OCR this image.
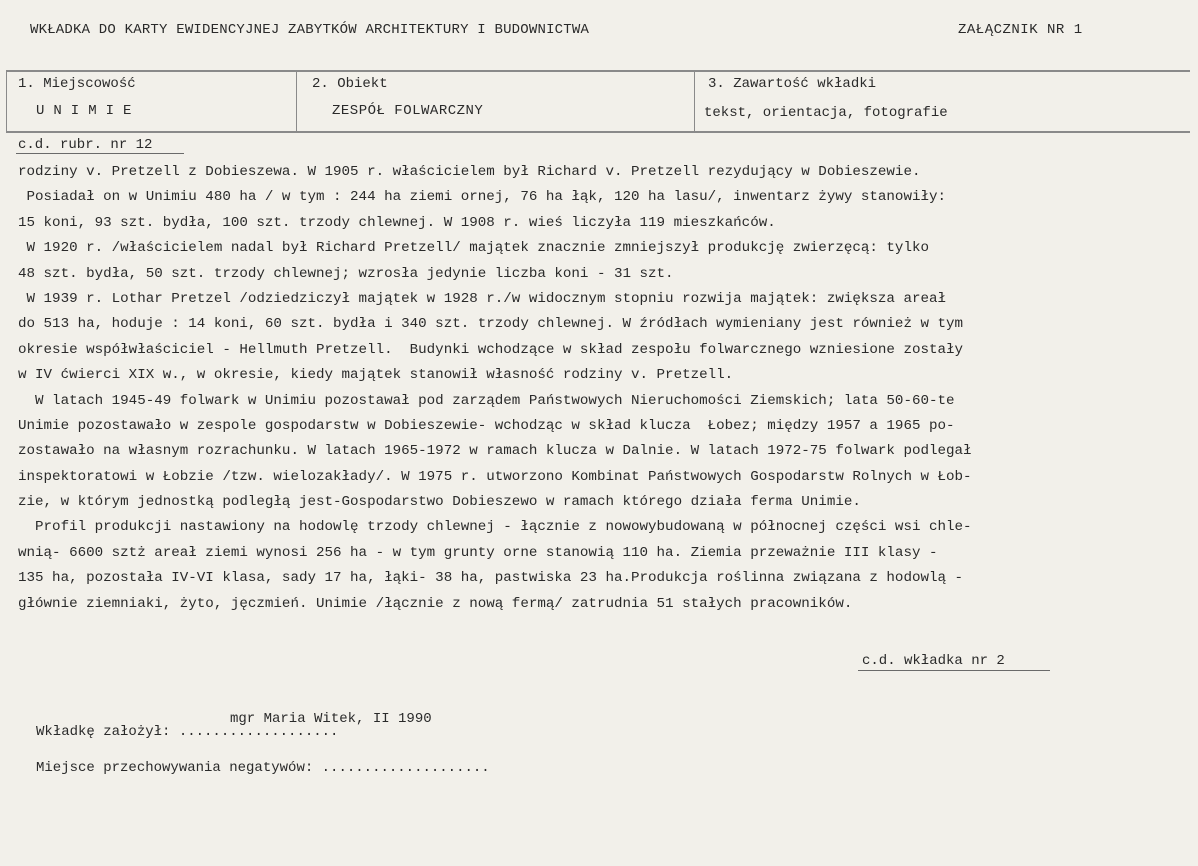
WKŁADKA DO KARTY EWIDENCYJNEJ ZABYTKÓW ARCHITEKTURY I BUDOWNICTWA	ZAŁĄCZNIK NR 1
1. Miejscowość
UNIMIE
2. Obiekt
ZESPÓŁ FOLWARCZNY
3. Zawartość wkładki
tekst, orientacja, fotografie
c.d. rubr. nr 12
rodziny v. Pretzell z Dobieszewa. W 1905 r. właścicielem był Richard v. Pretzell rezydujący w Dobieszewie.
Posiadał on w Unimiu 480 ha / w tym : 244 ha ziemi ornej, 76 ha łąk, 120 ha lasu/, inwentarz żywy stanowiły:
15 koni, 93 szt. bydła, 100 szt. trzody chlewnej. W 1908 r. wieś liczyła 119 mieszkańców.
W 1920 r. /właścicielem nadal był Richard Pretzell/ majątek znacznie zmniejszył produkcję zwierzęcą: tylko
48 szt. bydła, 50 szt. trzody chlewnej; wzrosła jedynie liczba koni - 31 szt.
W 1939 r. Lothar Pretzel /odziedziczył majątek w 1928 r./w widocznym stopniu rozwija majątek: zwiększa areał
do 513 ha, hoduje : 14 koni, 60 szt. bydła i 340 szt. trzody chlewnej. W źródłach wymieniany jest również w tym
okresie współwłaściciel - Hellmuth Pretzell.  Budynki wchodzące w skład zespołu folwarcznego wzniesione zostały
w IV ćwierci XIX w., w okresie, kiedy majątek stanowił własność rodziny v. Pretzell.
W latach 1945-49 folwark w Unimiu pozostawał pod zarządem Państwowych Nieruchomości Ziemskich; lata 50-60-te
Unimie pozostawało w zespole gospodarstw w Dobieszewie- wchodząc w skład klucza  Łobez; między 1957 a 1965 po-
zostawało na własnym rozrachunku. W latach 1965-1972 w ramach klucza w Dalnie. W latach 1972-75 folwark podlegał
inspektoratowi w Łobzie /tzw. wielozakłady/. W 1975 r. utworzono Kombinat Państwowych Gospodarstw Rolnych w Łob-
zie, w którym jednostką podległą jest-Gospodarstwo Dobieszewo w ramach którego działa ferma Unimie.
Profil produkcji nastawiony na hodowlę trzody chlewnej - łącznie z nowowybudowaną w północnej części wsi chle-
wnią- 6600 sztż areał ziemi wynosi 256 ha - w tym grunty orne stanowią 110 ha. Ziemia przeważnie III klasy -
135 ha, pozostała IV-VI klasa, sady 17 ha, łąki- 38 ha, pastwiska 23 ha.Produkcja roślinna związana z hodowlą -
głównie ziemniaki, żyto, jęczmień. Unimie /łącznie z nową fermą/ zatrudnia 51 stałych pracowników.
c.d. wkładka nr 2
mgr Maria Witek, II 1990
Wkładkę założył: ...................
Miejsce przechowywania negatywów: ....................
